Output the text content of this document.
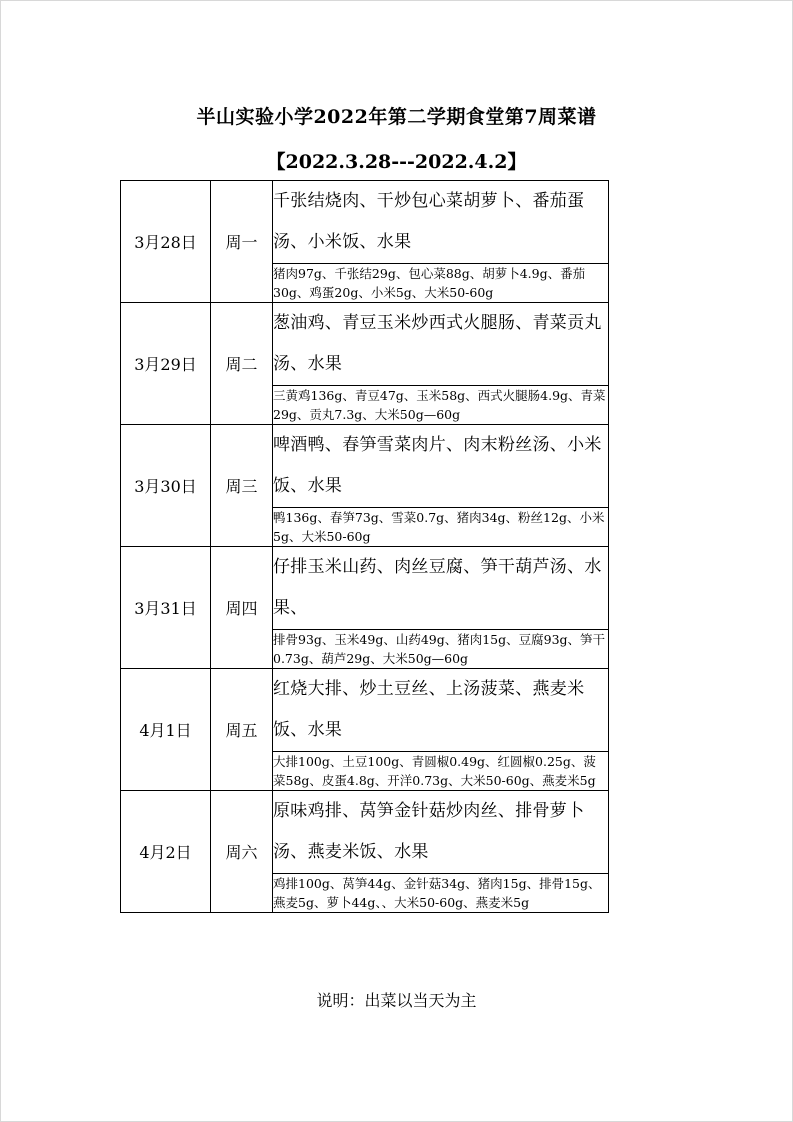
半山实验小学2022年第二学期食堂第7周菜谱
【2022.3.28---2022.4.2】
3月28日	周一	千张结烧肉、干炒包心菜胡萝卜、番茄蛋汤、小米饭、水果
		猪肉97g、千张结29g、包心菜88g、胡萝卜4.9g、番茄30g、鸡蛋20g、小米5g、大米50-60g
3月29日	周二	葱油鸡、青豆玉米炒西式火腿肠、青菜贡丸汤、水果
		三黄鸡136g、青豆47g、玉米58g、西式火腿肠4.9g、青菜29g、贡丸7.3g、大米50g—60g
3月30日	周三	啤酒鸭、春笋雪菜肉片、肉末粉丝汤、小米饭、水果
		鸭136g、春笋73g、雪菜0.7g、猪肉34g、粉丝12g、小米5g、大米50-60g
3月31日	周四	仔排玉米山药、肉丝豆腐、笋干葫芦汤、水果、
		排骨93g、玉米49g、山药49g、猪肉15g、豆腐93g、笋干0.73g、葫芦29g、大米50g—60g
4月1日	周五	红烧大排、炒土豆丝、上汤菠菜、燕麦米饭、水果
		大排100g、土豆100g、青圆椒0.49g、红圆椒0.25g、菠菜58g、皮蛋4.8g、开洋0.73g、大米50-60g、燕麦米5g
4月2日	周六	原味鸡排、莴笋金针菇炒肉丝、排骨萝卜汤、燕麦米饭、水果
		鸡排100g、莴笋44g、金针菇34g、猪肉15g、排骨15g、燕麦5g、萝卜44g、、大米50-60g、燕麦米5g
说明：出菜以当天为主
